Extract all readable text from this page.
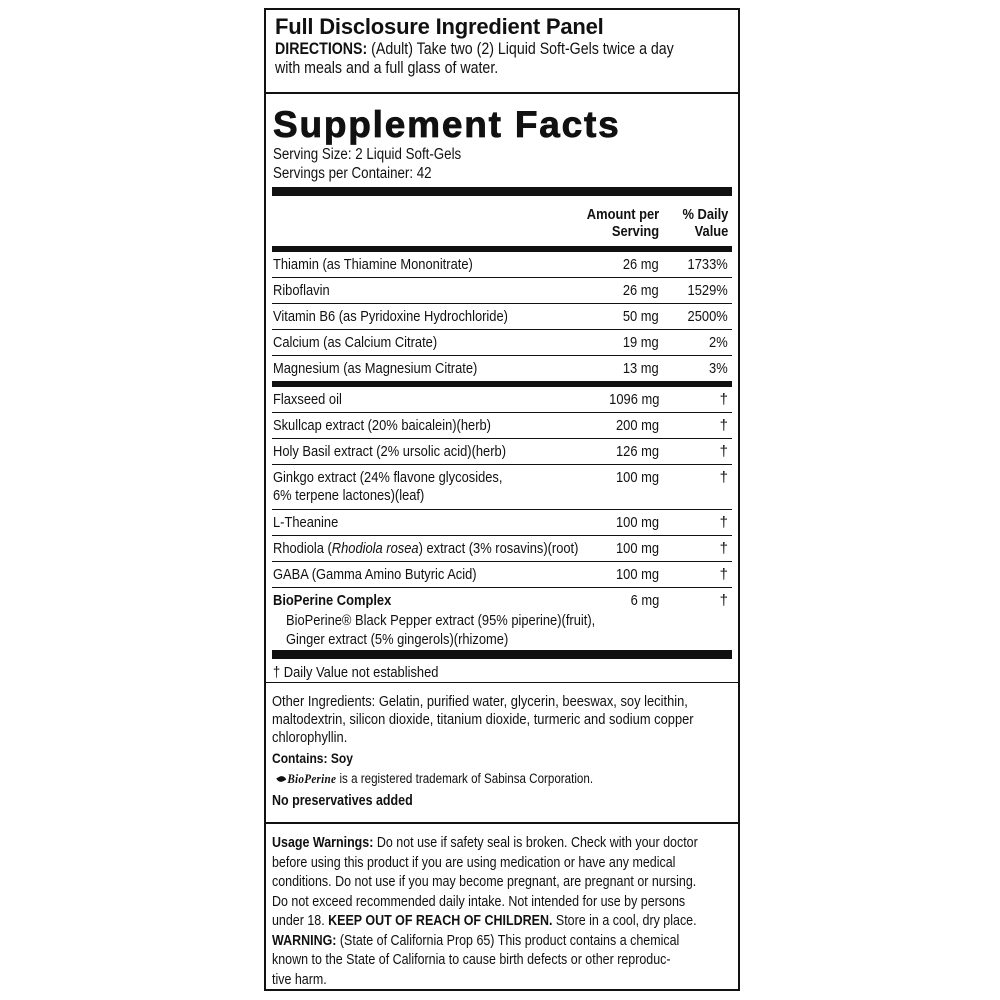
Full Disclosure Ingredient Panel
DIRECTIONS: (Adult) Take two (2) Liquid Soft-Gels twice a day
with meals and a full glass of water.
Supplement Facts
Serving Size: 2 Liquid Soft-Gels
Servings per Container: 42
Amount per
Serving
% Daily
Value
Thiamin (as Thiamine Mononitrate)	26 mg 1733%
Riboflavin	26 mg 1529%
Vitamin B6 (as Pyridoxine Hydrochloride)	50 mg 2500%
Calcium (as Calcium Citrate)	19 mg	2%
Magnesium (as Magnesium Citrate)	13 mg	3%
Flaxseed oil	1096 mg	†
Skullcap extract (20% baicalein)(herb)	200 mg	†
Holy Basil extract (2% ursolic acid)(herb)	126 mg	†
Ginkgo extract (24% flavone glycosides,
6% terpene lactones)(leaf)
100 mg	†
L-Theanine	100 mg	†
Rhodiola (Rhodiola rosea) extract (3% rosavins)(root)	100 mg	†
GABA (Gamma Amino Butyric Acid)	100 mg	†
BioPerine Complex	6 mg	†
BioPerine® Black Pepper extract (95% piperine)(fruit),
Ginger extract (5% gingerols)(rhizome)
† Daily Value not established
Other Ingredients: Gelatin, purified water, glycerin, beeswax, soy lecithin,
maltodextrin, silicon dioxide, titanium dioxide, turmeric and sodium copper
chlorophyllin.
Contains: Soy
BioPerine is a registered trademark of Sabinsa Corporation.
No preservatives added
Usage Warnings: Do not use if safety seal is broken. Check with your doctor
before using this product if you are using medication or have any medical
conditions. Do not use if you may become pregnant, are pregnant or nursing.
Do not exceed recommended daily intake. Not intended for use by persons
under 18. KEEP OUT OF REACH OF CHILDREN. Store in a cool, dry place.
WARNING: (State of California Prop 65) This product contains a chemical
known to the State of California to cause birth defects or other reproduc-
tive harm.
